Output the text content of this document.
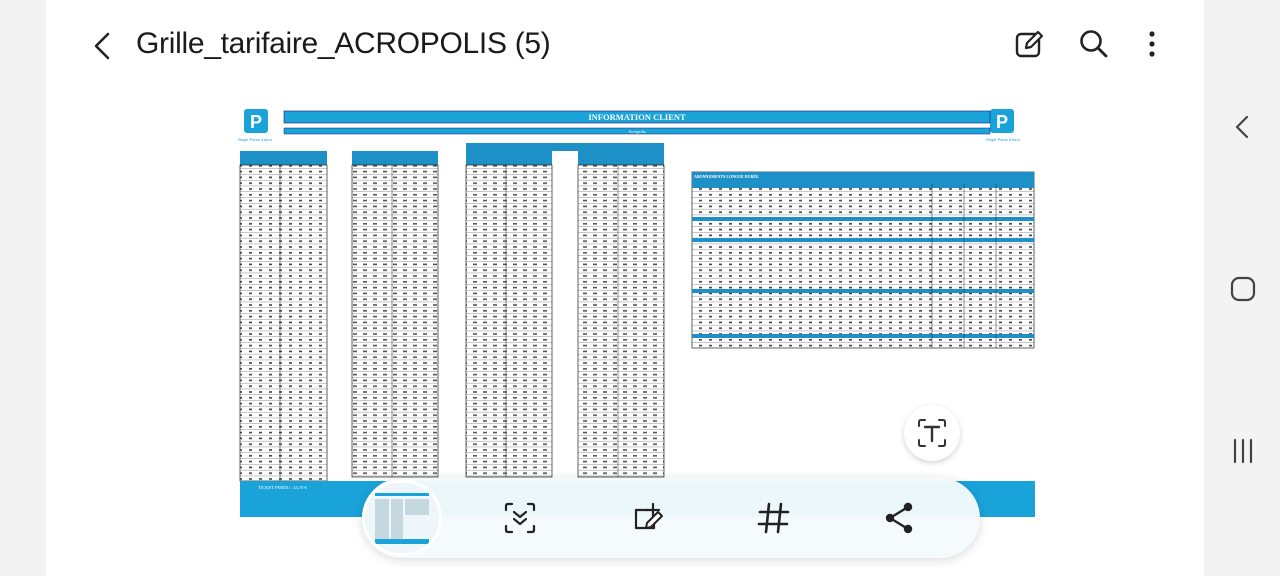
Grille_tarifaire_ACROPOLIS (5)
P	P
Régie Parcs d'Azur	Régie Parcs d'Azur
INFORMATION CLIENT
Acropolis
TICKET PERDU : 24,70 €
ABONNEMENTS LONGUE DURÉE
